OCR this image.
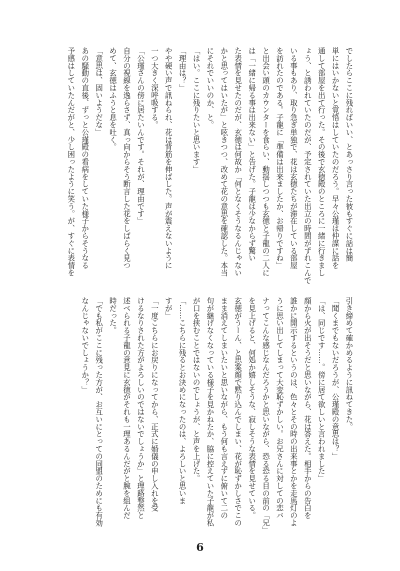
でしたらここに残ればいい、とあっさり言った彼もすぐに話は簡
単にはいかないと覚悟はしていたのだろう。早々公瑾は仲謀に話を
通して部屋を出て行った。その後で玄徳殿のところに一緒に行きまし
ょう、と誘われていたのだが、予定されていた出立の時間がずれこんで
いる事もあり、取り急ぎ単独で、花は玄徳たちが滞在している部屋
を訪れたのである。子龍に「準備は出来ましたか、お帰りですね」
と出会い頭のカウンターを食らい、動揺しつつも玄徳と子龍の二人に
は「一緒に帰る事は出来ない」と告げた。子龍は少なからず驚い
た表情を見せたのだが、玄徳は何故か「何となくそうなるんじゃない
かと思ってはいたが」と呟きつつ、改めて花の意思を確認した。本当
にそれでいいのか、と。
「はい。ここに残りたいと思います」
「理由は？」
やや硬い声で訊ねられ、花は背筋を伸ばした。声が震えないように
一つ大きく深呼吸する。
「公瑾さんの傍に居たいんです。それが、理由です」
自分の視線を逸らさず、真っ向からそう断言した花をしばらく見つ
めて、玄徳はふうと息を吐く。
「意思は、固いようだな」
あの騒動の直後、ずっと公瑾殿の看病をしていた様子からそうなる
予感はしていたんだがと、少し困ったように笑う。が、すぐに表情を
引き締めて確かめるように訊ねてきた。
「聞くまでもないだろうが、公瑾殿の意思は？」
「は、同じです……。傍に居て欲しいと言われました」
顔から火が出そうだと思いながら、花は答えた。相手からの告白を
誰かに開示するというのは、色々とその時の出来事とかを走馬灯のよ
うに思い出してしまって大変恥ずかしい。お兄さんに対しての恋バ
ナってこんな感じなんだろうかと思いながら、恐る恐る目の前の「兄」
を見上げると、何処か嬉しそうな、寂しそうな表情を見せている。
玄徳がうーん、と思案顔で黙り込んでしまい、花が恥ずかしさでこの
まま消えてしまいたいと思いながら、もう何も言えずに俯いて二の
句が継げなくなっている様子を見かねたか、脇に控えていた子龍が私
が口を挟むことではないのでしょうが、と声を上げた。
「……こちらに残るとお決めになったのは、よろしいと思いま
すが」
「一度こちらにお戻りになってから、正式に婚儀の申し入れを受
けるなりされた方がよろしいのではないでしょうか」と理路整然と
述べられる子龍の意見に玄徳がそれも一理あるんだがと腕を組んだ
時だった。
「でも私がここに残った方が、お互いにとっての同盟のためにも有効
なんじゃないでしょうか？」
6
